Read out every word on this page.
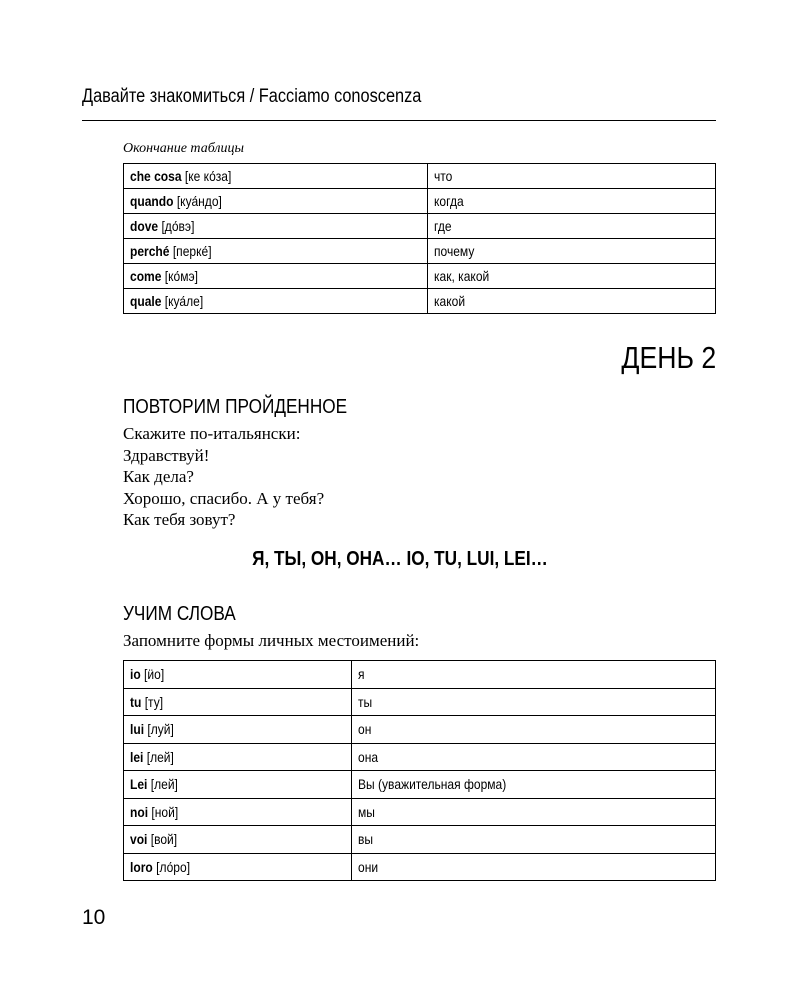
Давайте знакомиться / Facciamo conoscenza
Окончание таблицы
che cosa [ке ко́за]	что
quando [куа́ндо]	когда
dove [до́вэ]	где
perché [перке́]	почему
come [ко́мэ]	как, какой
quale [куа́ле]	какой
ДЕНЬ 2
ПОВТОРИМ ПРОЙДЕННОЕ
Скажите по-итальянски:
Здравствуй!
Как дела?
Хорошо, спасибо. А у тебя?
Как тебя зовут?
Я, ТЫ, ОН, ОНА… IO, TU, LUI, LEI…
УЧИМ СЛОВА
Запомните формы личных местоимений:
io [ӥо]	я
tu [ту]	ты
lui [луй]	он
lei [лей]	она
Lei [лей]	Вы (уважительная форма)
noi [ной]	мы
voi [вой]	вы
loro [ло́ро]	они
10
